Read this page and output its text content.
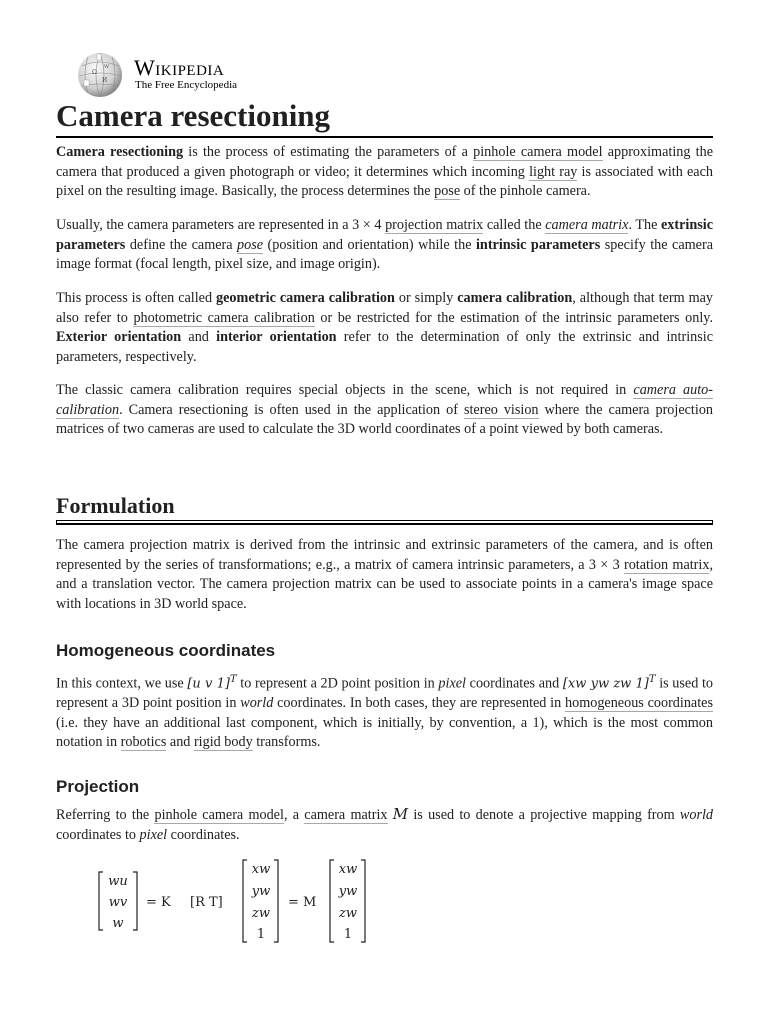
Ω
И
W Wikipedia
The Free Encyclopedia
Camera resectioning

Camera resectioning is the process of estimating the parameters of a pinhole camera model approximating the camera that produced a given photograph or video; it determines which incoming light ray is associated with each pixel on the resulting image. Basically, the process determines the pose of the pinhole camera.

Usually, the camera parameters are represented in a 3 × 4 projection matrix called the camera matrix. The extrinsic parameters define the camera pose (position and orientation) while the intrinsic parameters specify the camera image format (focal length, pixel size, and image origin).

This process is often called geometric camera calibration or simply camera calibration, although that term may also refer to photometric camera calibration or be restricted for the estimation of the intrinsic parameters only. Exterior orientation and interior orientation refer to the determination of only the extrinsic and intrinsic parameters, respectively.

The classic camera calibration requires special objects in the scene, which is not required in camera auto-calibration. Camera resectioning is often used in the application of stereo vision where the camera projection matrices of two cameras are used to calculate the 3D world coordinates of a point viewed by both cameras.

Formulation

The camera projection matrix is derived from the intrinsic and extrinsic parameters of the camera, and is often represented by the series of transformations; e.g., a matrix of camera intrinsic parameters, a 3 × 3 rotation matrix, and a translation vector. The camera projection matrix can be used to associate points in a camera's image space with locations in 3D world space.

Homogeneous coordinates

In this context, we use [u v 1]$^T$ to represent a 2D point position in pixel coordinates and [xw yw zw 1]$^T$ is used to represent a 3D point position in world coordinates. In both cases, they are represented in homogeneous coordinates (i.e. they have an additional last component, which is initially, by convention, a 1), which is the most common notation in robotics and rigid body transforms.

Projection

Referring to the pinhole camera model, a camera matrix M is used to denote a projective mapping from world coordinates to pixel coordinates.

wu
wv
w
= K [R T]
xw
yw
zw
1
= M
xw
yw
zw
1
